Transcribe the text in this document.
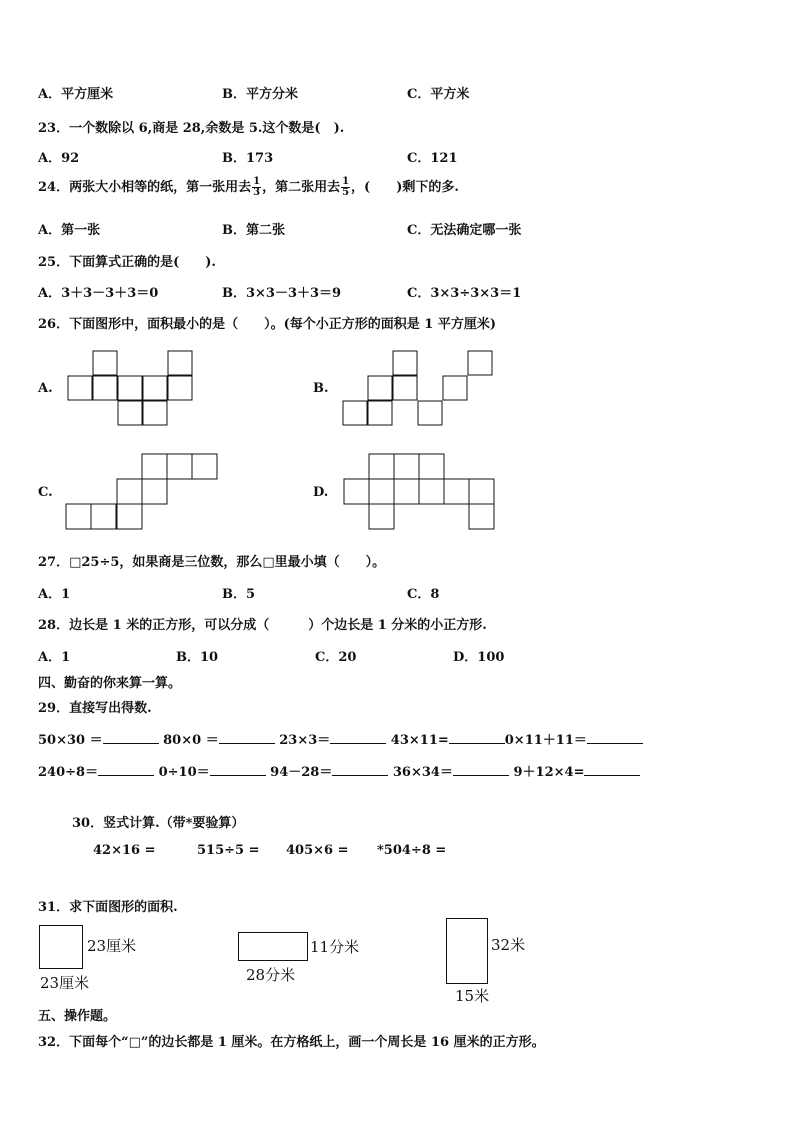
A．平方厘米	B．平方分米	C．平方米
23．一个数除以 6,商是 28,余数是 5.这个数是(　).
A．92	B．173	C．121
24．两张大小相等的纸，第一张用去 $\frac{1}{3}$ ，第二张用去 $\frac{1}{5}$ ，(　　)剩下的多.
A．第一张	B．第二张	C．无法确定哪一张
25．下面算式正确的是(　　).
A．3＋3－3＋3＝0	B．3×3－3＋3＝9	C．3×3÷3×3＝1
26．下面图形中，面积最小的是（　　）。(每个小正方形的面积是 1 平方厘米)
A.	B.
C.	D.
27．□25÷5，如果商是三位数，那么□里最小填（　　）。
A．1	B．5	C．8
28．边长是 1 米的正方形，可以分成（　　　）个边长是 1 分米的小正方形.
A．1	B．10	C．20	D．100
四、勤奋的你来算一算。
29．直接写出得数.
50×30 ＝	80×0 ＝	23×3＝	43×11=	0×11＋11＝
240÷8＝	0÷10＝	94－28＝	36×34＝	9＋12×4=
30．竖式计算.（带*要验算）
42×16 =	515÷5 = 405×6 = *504÷8 =
31．求下面图形的面积.
23厘米
23厘米
11分米
28分米
32米
15米
五、操作题。
32．下面每个“□”的边长都是 1 厘米。在方格纸上，画一个周长是 16 厘米的正方形。
